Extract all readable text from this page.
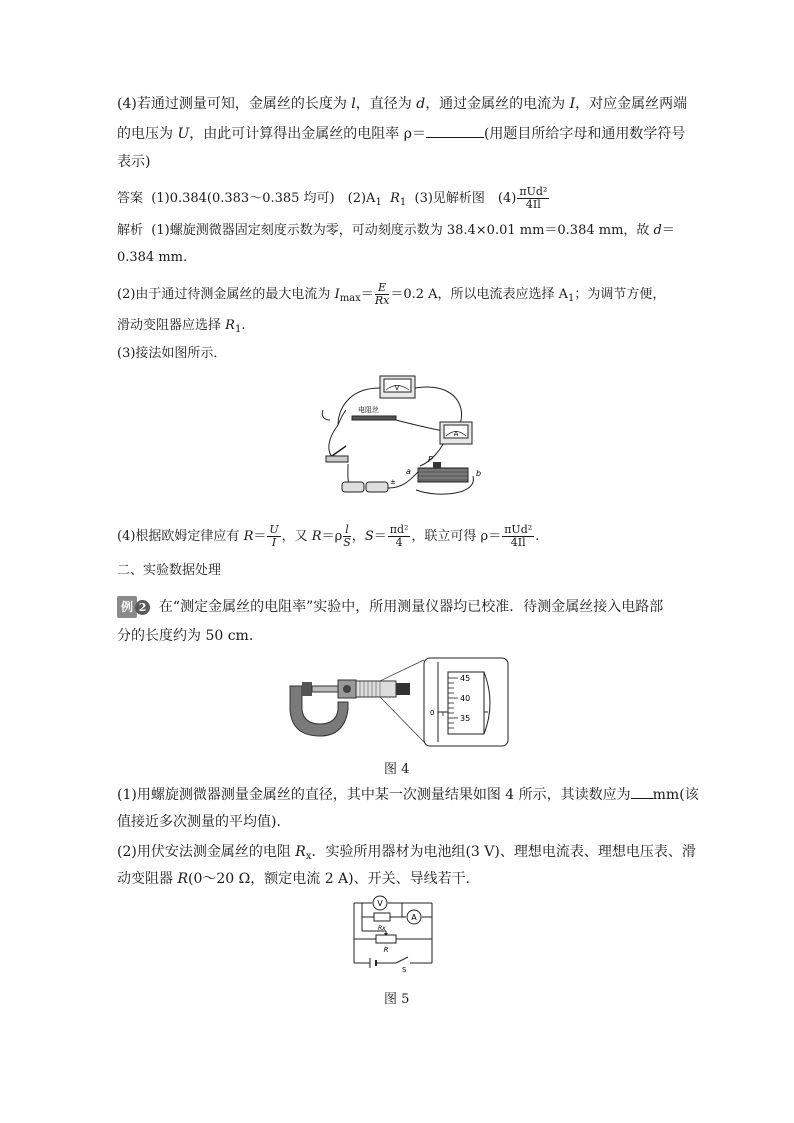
(4)若通过测量可知，金属丝的长度为 l，直径为 d，通过金属丝的电流为 I，对应金属丝两端
的电压为 U，由此可计算得出金属丝的电阻率 ρ＝	(用题目所给字母和通用数学符号
表示)
答案 (1)0.384(0.383～0.385 均可)　$(2)A_1$ $R_1$ (3)见解析图　$(4) \frac{\text{πUd²}}{4Il}$
解析 (1)螺旋测微器固定刻度示数为零，可动刻度示数为 38.4×0.01 mm＝0.384 mm，故 d＝
0.384 mm.
(2)由于通过待测金属丝的最大电流为 $I_{max}= \frac{E}{Rx} =0.2$ A，所以电流表应选择 $A_1$；为调节方便，
滑动变阻器应选择 $R_1$.
(3)接法如图所示．
V
电阻丝
A
±
a	b
P
(4)根据欧姆定律应有 $R= \frac{U}{I}$ ，又 $R=\rho \frac{l}{S}$ ，$S= \frac{\text{πd²}}{4}$ ，联立可得 $\rho= \frac{\text{πUd²}}{4Il}$ .
二、实验数据处理
例 2 在“测定金属丝的电阻率”实验中，所用测量仪器均已校准．待测金属丝接入电路部
分的长度约为 50 cm.
mm
45
40
35
0
图 4
(1)用螺旋测微器测量金属丝的直径，其中某一次测量结果如图 4 所示，其读数应为 mm(该
值接近多次测量的平均值)．
(2)用伏安法测金属丝的电阻 $R_x$．实验所用器材为电池组(3 V)、理想电流表、理想电压表、滑
动变阻器 R(0～20 Ω，额定电流 2 A)、开关、导线若干．
V
A
Rx
R
S
图 5
